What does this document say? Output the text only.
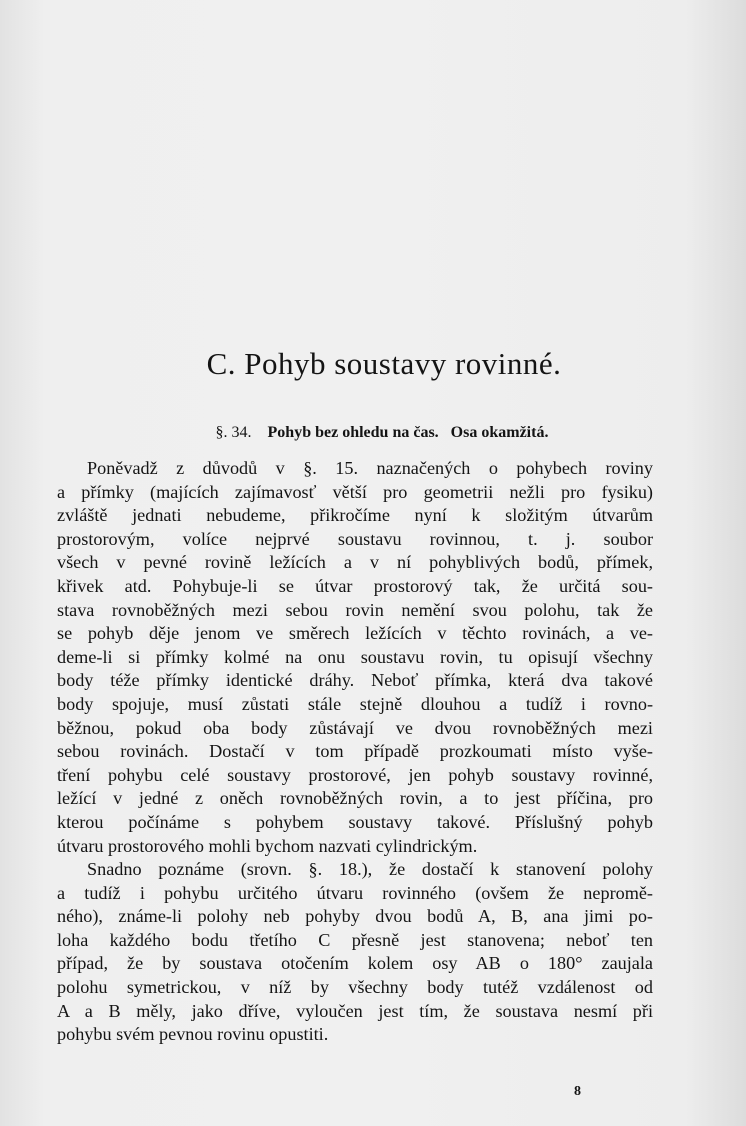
C. Pohyb soustavy rovinné.
§. 34. Pohyb bez ohledu na čas. Osa okamžitá.
Poněvadž z důvodů v §. 15. naznačených o pohybech roviny
a přímky (majících zajímavosť větší pro geometrii nežli pro fysiku)
zvláště jednati nebudeme, přikročíme nyní k složitým útvarům
prostorovým, volíce nejprvé soustavu rovinnou, t. j. soubor
všech v pevné rovině ležících a v ní pohyblivých bodů, přímek,
křivek atd. Pohybuje-li se útvar prostorový tak, že určitá sou-
stava rovnoběžných mezi sebou rovin nemění svou polohu, tak že
se pohyb děje jenom ve směrech ležících v těchto rovinách, a ve-
deme-li si přímky kolmé na onu soustavu rovin, tu opisují všechny
body téže přímky identické dráhy. Neboť přímka, která dva takové
body spojuje, musí zůstati stále stejně dlouhou a tudíž i rovno-
běžnou, pokud oba body zůstávají ve dvou rovnoběžných mezi
sebou rovinách. Dostačí v tom případě prozkoumati místo vyše-
tření pohybu celé soustavy prostorové, jen pohyb soustavy rovinné,
ležící v jedné z oněch rovnoběžných rovin, a to jest příčina, pro
kterou počínáme s pohybem soustavy takové. Příslušný pohyb
útvaru prostorového mohli bychom nazvati cylindrickým.
Snadno poznáme (srovn. §. 18.), že dostačí k stanovení polohy
a tudíž i pohybu určitého útvaru rovinného (ovšem že nepromě-
ného), známe-li polohy neb pohyby dvou bodů A, B, ana jimi po-
loha každého bodu třetího C přesně jest stanovena; neboť ten
případ, že by soustava otočením kolem osy AB o 180° zaujala
polohu symetrickou, v níž by všechny body tutéž vzdálenost od
A a B měly, jako dříve, vyloučen jest tím, že soustava nesmí při
pohybu svém pevnou rovinu opustiti.

8
